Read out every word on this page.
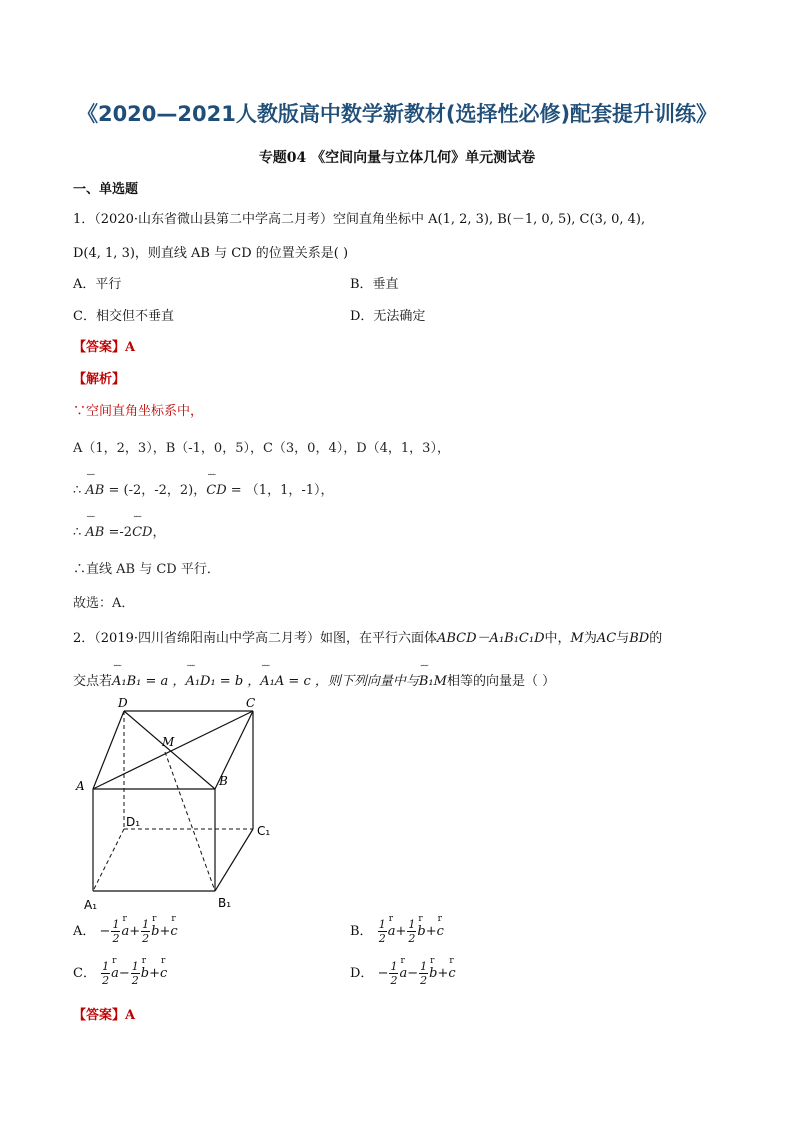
《2020—2021人教版高中数学新教材(选择性必修)配套提升训练》
专题04 《空间向量与立体几何》单元测试卷
一、单选题
1．（2020·山东省微山县第二中学高二月考）空间直角坐标中 A(1, 2, 3), B(－1, 0, 5), C(3, 0, 4),
D(4, 1, 3)，则直线 AB 与 CD 的位置关系是( )
A．平行	B．垂直
C．相交但不垂直	D．无法确定
【答案】A
【解析】
∵空间直角坐标系中，
A（1，2，3），B（-1，0，5），C（3，0，4），D（4，1，3），
∴ ˘˘˘ AB = (-2，-2，2)，˘˘˘ CD = （1，1，-1），
∴ ˘˘˘ AB =-2˘˘˘ CD，
∴直线 AB 与 CD 平行．
故选：A．
2．（2019·四川省绵阳南山中学高二月考）如图，在平行六面体ABCD－A₁B₁C₁D中，M为AC与BD的
交点若˘˘˘ A₁B₁ = a ，˘˘˘ A₁D₁ = b ，˘˘˘ A₁A = c ，则下列向量中与˘˘˘ B₁M相等的向量是（ ）
D	C
M
A	B
D₁
C₁
A₁	B₁
A． − $\frac{1}{2}$ r $a+ \frac{1}{2}$ r b+r c	B． $\frac{1}{2}$ r $a+ \frac{1}{2}$ r b+r c
C． $\frac{1}{2}$ r $a- \frac{1}{2}$ r b+r c	D． − $\frac{1}{2}$ r $a- \frac{1}{2}$ r b+r c
【答案】A
